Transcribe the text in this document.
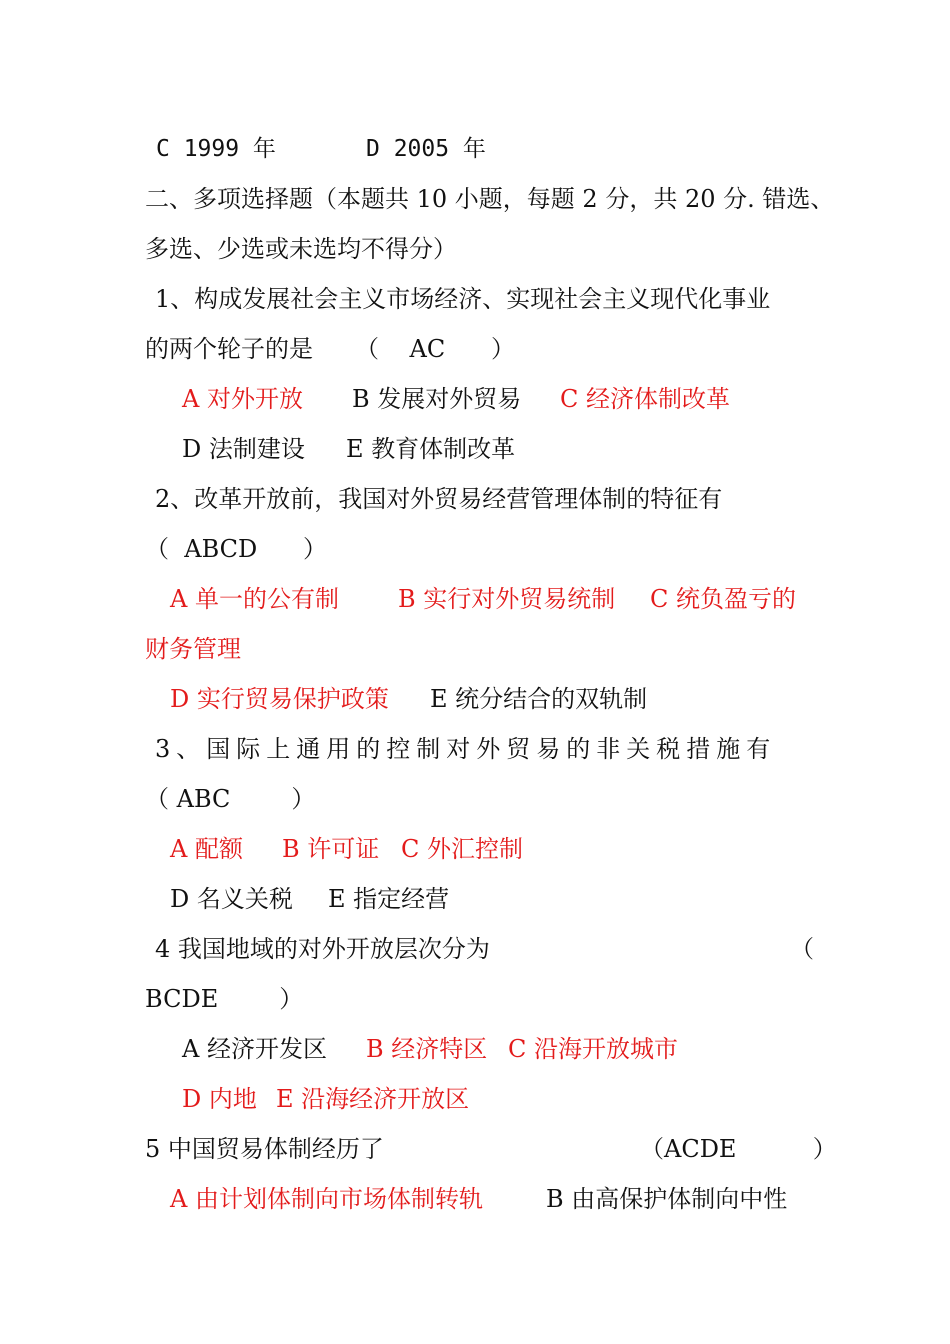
C 1999 年	D 2005 年
二、多项选择题（本题共 10 小题，每题 2 分，共 20 分. 错选、
多选、少选或未选均不得分）
1、构成发展社会主义市场经济、实现社会主义现代化事业
的两个轮子的是 （    AC      ）
A 对外开放 B 发展对外贸易 C 经济体制改革
D 法制建设 E 教育体制改革
2、改革开放前，我国对外贸易经营管理体制的特征有
（  ABCD      ）
A 单一的公有制 B 实行对外贸易统制 C 统负盈亏的
财务管理
D 实行贸易保护政策 E 统分结合的双轨制
3、国际上通用的控制对外贸易的非关税措施有
（ ABC        ）
A 配额 B 许可证 C 外汇控制
D 名义关税 E 指定经营
4 我国地域的对外开放层次分为	（
BCDE        ）
A 经济开发区 B 经济特区 C 沿海开放城市
D 内地 E 沿海经济开放区
5 中国贸易体制经历了	（ACDE          ）
A 由计划体制向市场体制转轨	B 由高保护体制向中性
